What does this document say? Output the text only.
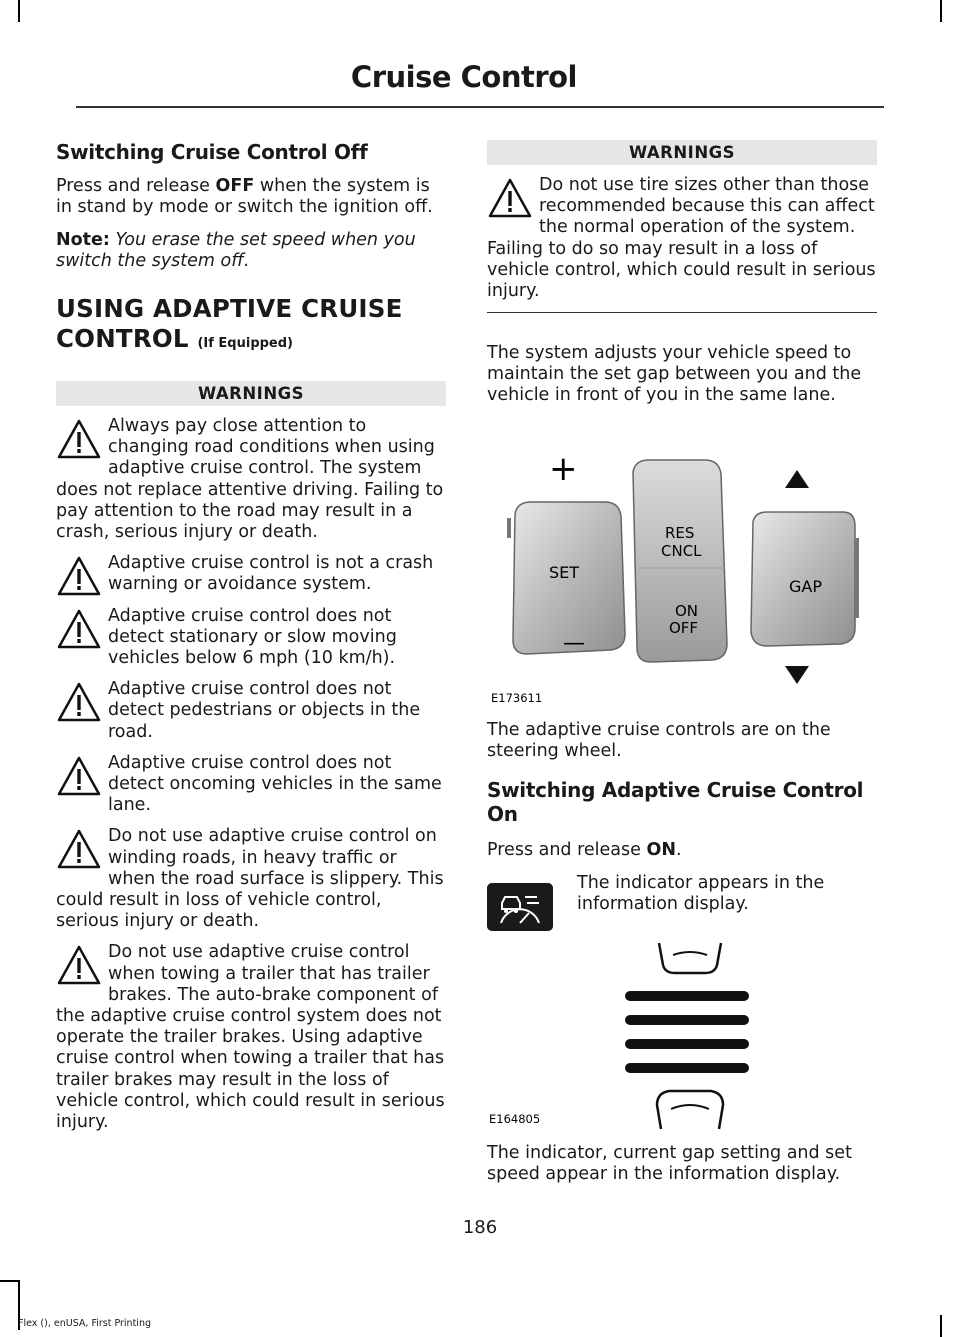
Cruise Control
Switching Cruise Control Off

Press and release OFF when the system is in stand by mode or switch the ignition off.

Note: You erase the set speed when you switch the system off.

USING ADAPTIVE CRUISE CONTROL (If Equipped)
WARNINGS
Always pay close attention to changing road conditions when using adaptive cruise control. The system does not replace attentive driving. Failing to pay attention to the road may result in a crash, serious injury or death.
Adaptive cruise control is not a crash warning or avoidance system.
Adaptive cruise control does not detect stationary or slow moving vehicles below 6 mph (10 km/h).
Adaptive cruise control does not detect pedestrians or objects in the road.
Adaptive cruise control does not detect oncoming vehicles in the same lane.
Do not use adaptive cruise control on winding roads, in heavy traffic or when the road surface is slippery. This could result in loss of vehicle control, serious injury or death.
Do not use adaptive cruise control when towing a trailer that has trailer brakes. The auto-brake component of the adaptive cruise control system does not operate the trailer brakes. Using adaptive cruise control when towing a trailer that has trailer brakes may result in the loss of vehicle control, which could result in serious injury.
WARNINGS
Do not use tire sizes other than those recommended because this can affect the normal operation of the system. Failing to do so may result in a loss of vehicle control, which could result in serious injury.

The system adjusts your vehicle speed to maintain the set gap between you and the vehicle in front of you in the same lane.

+
SET
—
RES
CNCL
ON
OFF
GAP
E173611

The adaptive cruise controls are on the steering wheel.

Switching Adaptive Cruise Control On

Press and release ON.

The indicator appears in the information display.
E164805

The indicator, current gap setting and set speed appear in the information display.

186
Flex (), enUSA, First Printing
